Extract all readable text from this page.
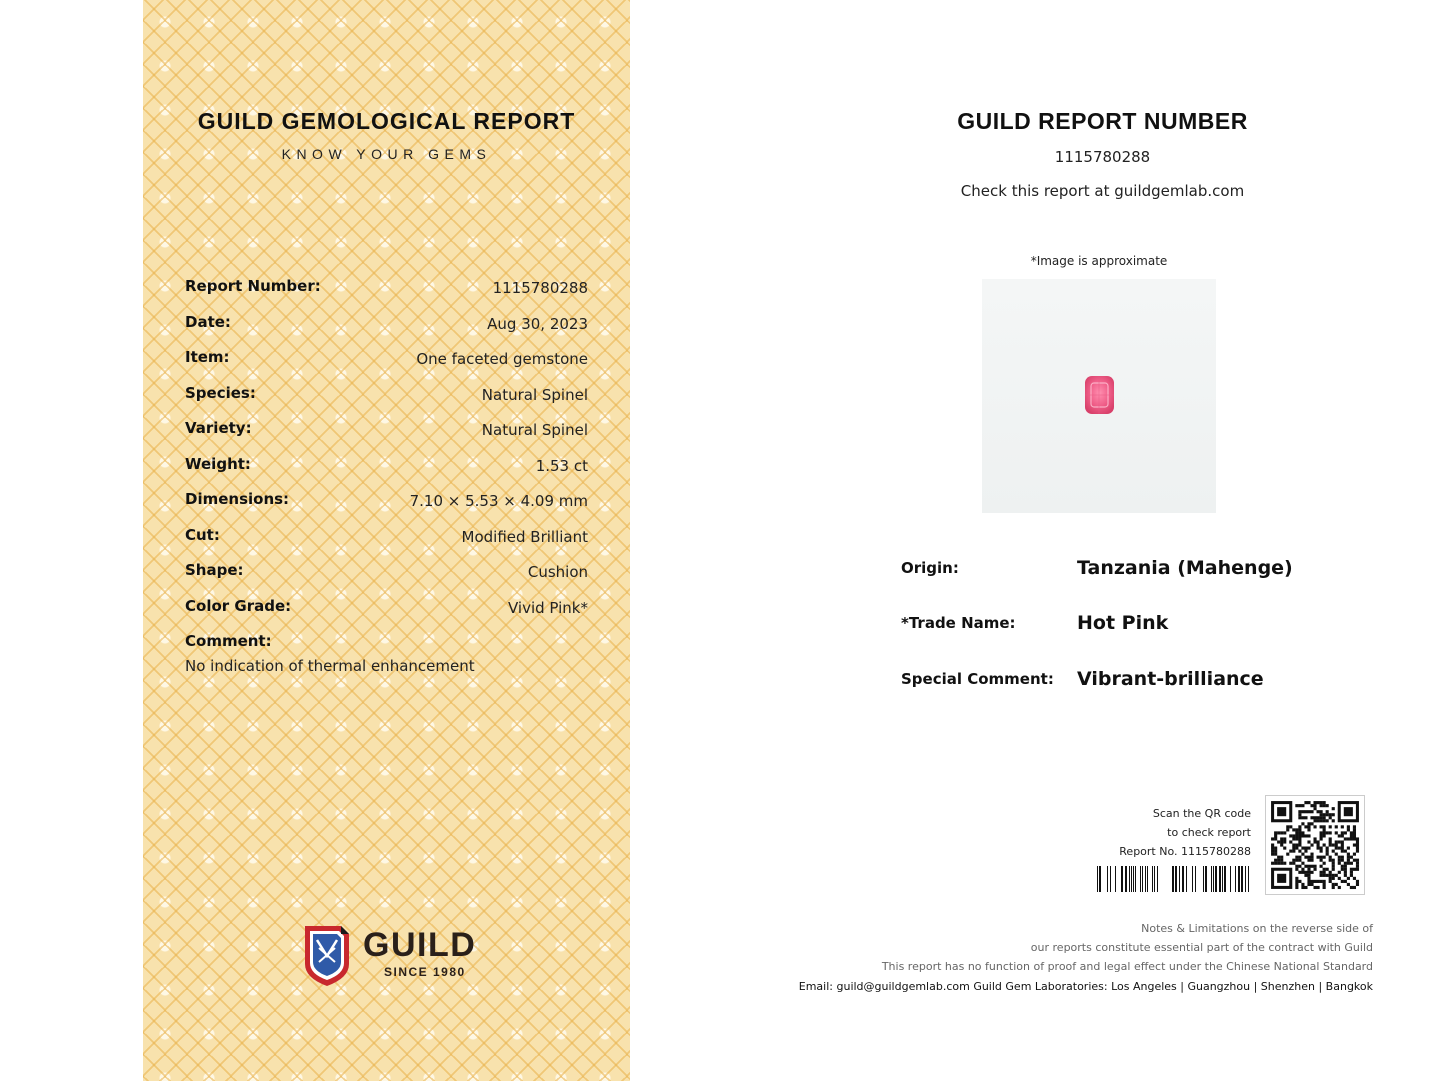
GUILD GEMOLOGICAL REPORT
KNOW YOUR GEMS
Report Number:	1115780288
Date:	Aug 30, 2023
Item:	One faceted gemstone
Species:	Natural Spinel
Variety:	Natural Spinel
Weight:	1.53 ct
Dimensions:	7.10 × 5.53 × 4.09 mm
Cut:	Modified Brilliant
Shape:	Cushion
Color Grade:	Vivid Pink*
Comment:
No indication of thermal enhancement
GUILD
SINCE 1980
GUILD REPORT NUMBER
1115780288
Check this report at guildgemlab.com
*Image is approximate
Origin:	Tanzania (Mahenge)
*Trade Name:	Hot Pink
Special Comment: Vibrant-brilliance
Scan the QR code
to check report
Report No. 1115780288
Notes & Limitations on the reverse side of
our reports constitute essential part of the contract with Guild
This report has no function of proof and legal effect under the Chinese National Standard
Email: guild@guildgemlab.com Guild Gem Laboratories: Los Angeles | Guangzhou | Shenzhen | Bangkok
